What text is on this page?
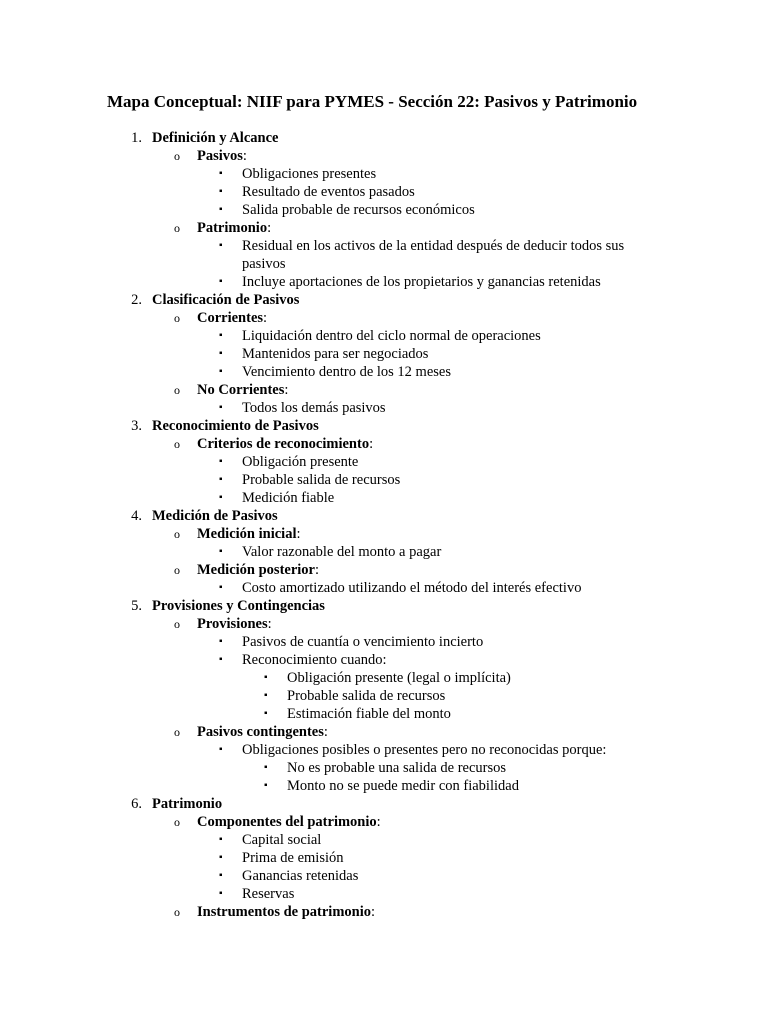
Mapa Conceptual: NIIF para PYMES - Sección 22: Pasivos y Patrimonio
1. Definición y Alcance
o Pasivos:
▪ Obligaciones presentes
▪ Resultado de eventos pasados
▪ Salida probable de recursos económicos
o Patrimonio:
▪ Residual en los activos de la entidad después de deducir todos sus
pasivos
▪ Incluye aportaciones de los propietarios y ganancias retenidas
2. Clasificación de Pasivos
o Corrientes:
▪ Liquidación dentro del ciclo normal de operaciones
▪ Mantenidos para ser negociados
▪ Vencimiento dentro de los 12 meses
o No Corrientes:
▪ Todos los demás pasivos
3. Reconocimiento de Pasivos
o Criterios de reconocimiento:
▪ Obligación presente
▪ Probable salida de recursos
▪ Medición fiable
4. Medición de Pasivos
o Medición inicial:
▪ Valor razonable del monto a pagar
o Medición posterior:
▪ Costo amortizado utilizando el método del interés efectivo
5. Provisiones y Contingencias
o Provisiones:
▪ Pasivos de cuantía o vencimiento incierto
▪ Reconocimiento cuando:
▪ Obligación presente (legal o implícita)
▪ Probable salida de recursos
▪ Estimación fiable del monto
o Pasivos contingentes:
▪ Obligaciones posibles o presentes pero no reconocidas porque:
▪ No es probable una salida de recursos
▪ Monto no se puede medir con fiabilidad
6. Patrimonio
o Componentes del patrimonio:
▪ Capital social
▪ Prima de emisión
▪ Ganancias retenidas
▪ Reservas
o Instrumentos de patrimonio:
